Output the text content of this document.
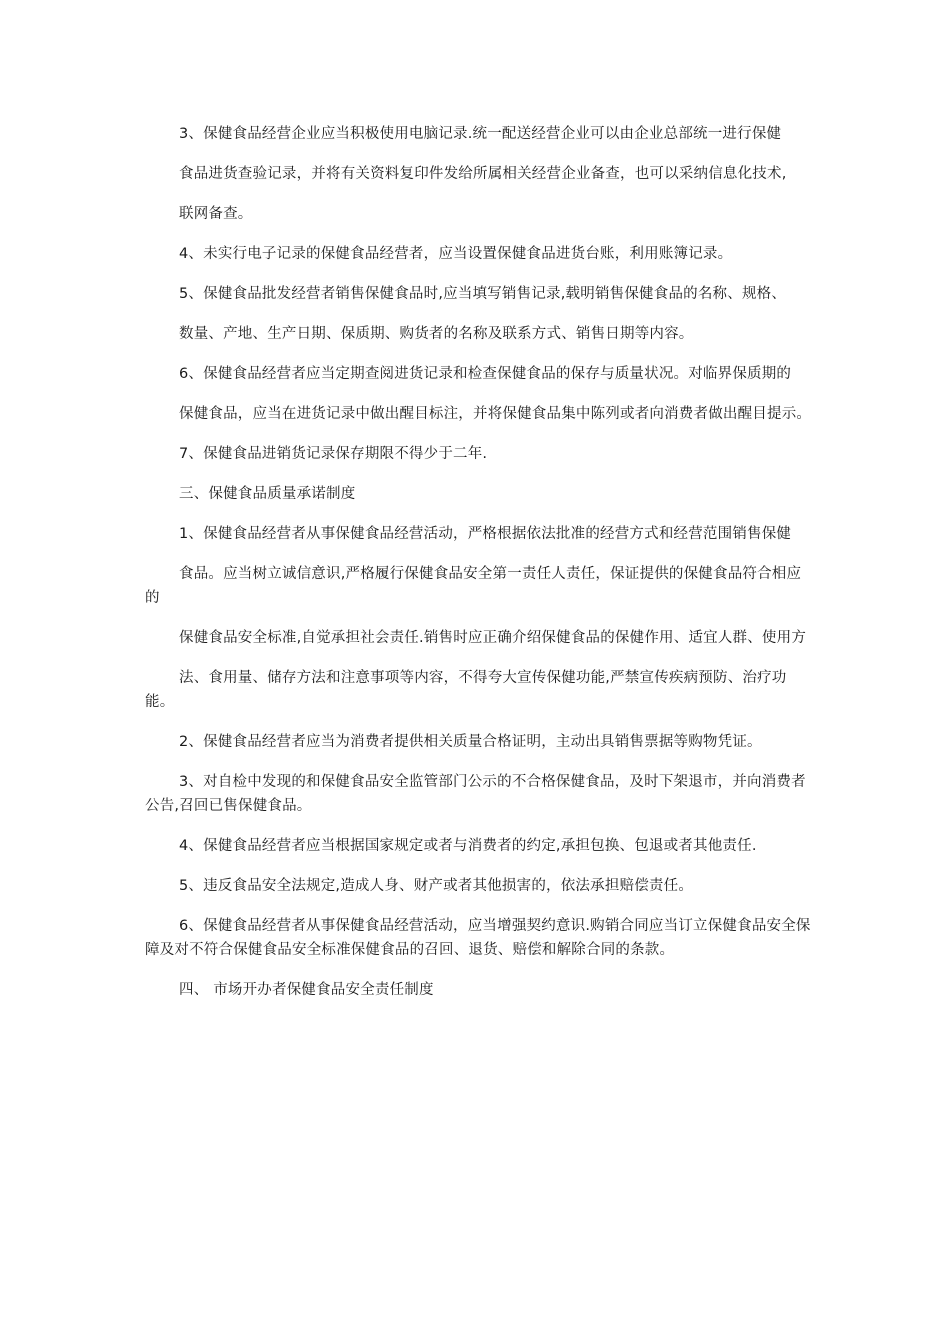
3、保健食品经营企业应当积极使用电脑记录.统一配送经营企业可以由企业总部统一进行保健

食品进货查验记录，并将有关资料复印件发给所属相关经营企业备查，也可以采纳信息化技术,

联网备查。

4、未实行电子记录的保健食品经营者，应当设置保健食品进货台账，利用账簿记录。

5、保健食品批发经营者销售保健食品时,应当填写销售记录,载明销售保健食品的名称、规格、

数量、产地、生产日期、保质期、购货者的名称及联系方式、销售日期等内容。

6、保健食品经营者应当定期查阅进货记录和检查保健食品的保存与质量状况。对临界保质期的

保健食品，应当在进货记录中做出醒目标注，并将保健食品集中陈列或者向消费者做出醒目提示。

7、保健食品进销货记录保存期限不得少于二年.

三、保健食品质量承诺制度

1、保健食品经营者从事保健食品经营活动，严格根据依法批准的经营方式和经营范围销售保健

食品。应当树立诚信意识,严格履行保健食品安全第一责任人责任，保证提供的保健食品符合相应的

保健食品安全标准,自觉承担社会责任.销售时应正确介绍保健食品的保健作用、适宜人群、使用方

法、食用量、储存方法和注意事项等内容，不得夸大宣传保健功能,严禁宣传疾病预防、治疗功能。

2、保健食品经营者应当为消费者提供相关质量合格证明，主动出具销售票据等购物凭证。

3、对自检中发现的和保健食品安全监管部门公示的不合格保健食品，及时下架退市，并向消费者公告,召回已售保健食品。

4、保健食品经营者应当根据国家规定或者与消费者的约定,承担包换、包退或者其他责任.

5、违反食品安全法规定,造成人身、财产或者其他损害的，依法承担赔偿责任。

6、保健食品经营者从事保健食品经营活动，应当增强契约意识.购销合同应当订立保健食品安全保障及对不符合保健食品安全标准保健食品的召回、退货、赔偿和解除合同的条款。

四、 市场开办者保健食品安全责任制度
